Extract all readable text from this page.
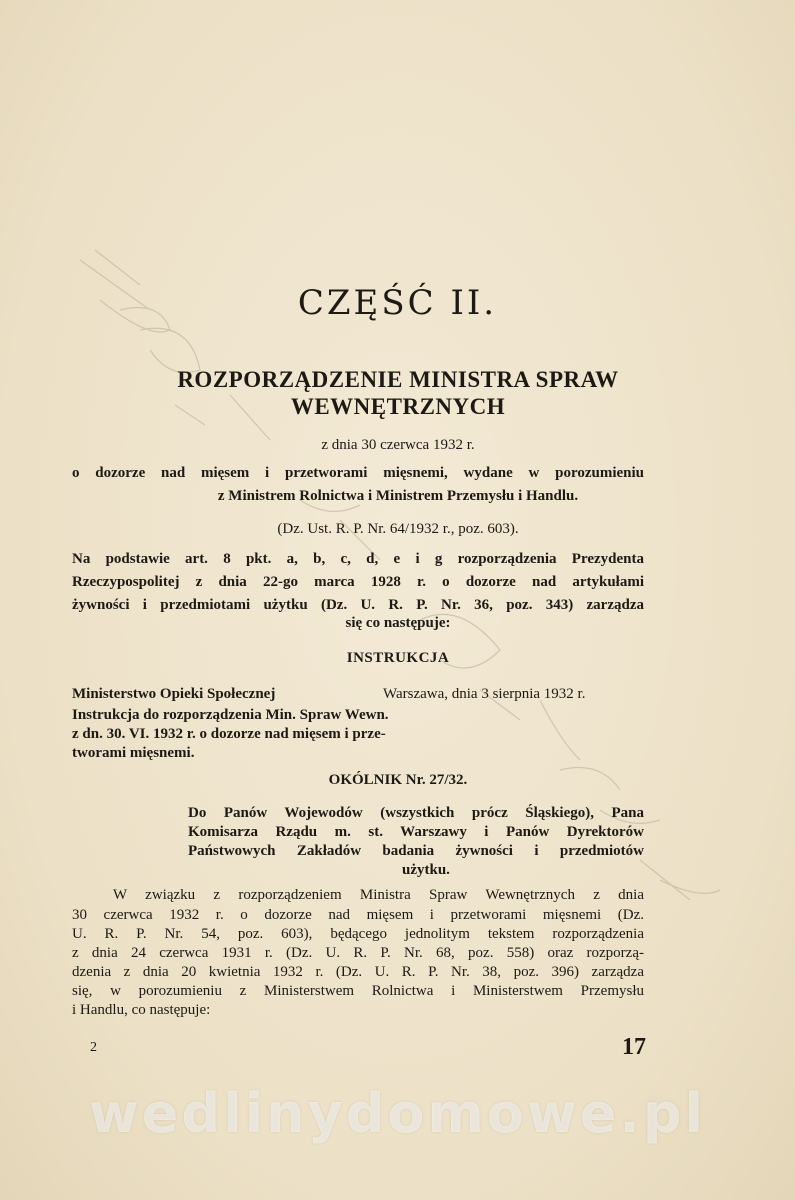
CZĘŚĆ II.
ROZPORZĄDZENIE MINISTRA SPRAW
WEWNĘTRZNYCH
z dnia 30 czerwca 1932 r.
o dozorze nad mięsem i przetworami mięsnemi, wydane w porozumieniu
z Ministrem Rolnictwa i Ministrem Przemysłu i Handlu.
(Dz. Ust. R. P. Nr. 64/1932 r., poz. 603).
Na podstawie art. 8 pkt. a, b, c, d, e i g rozporządzenia Prezydenta
Rzeczypospolitej z dnia 22-go marca 1928 r. o dozorze nad artykułami
żywności i przedmiotami użytku (Dz. U. R. P. Nr. 36, poz. 343) zarządza
się co następuje:
INSTRUKCJA
Ministerstwo Opieki Społecznej	Warszawa, dnia 3 sierpnia 1932 r.
Instrukcja do rozporządzenia Min. Spraw Wewn.
z dn. 30. VI. 1932 r. o dozorze nad mięsem i prze-
tworami mięsnemi.
OKÓLNIK Nr. 27/32.
Do Panów Wojewodów (wszystkich prócz Śląskiego), Pana
Komisarza Rządu m. st. Warszawy i Panów Dyrektorów
Państwowych Zakładów badania żywności i przedmiotów
użytku.
W związku z rozporządzeniem Ministra Spraw Wewnętrznych z dnia
30 czerwca 1932 r. o dozorze nad mięsem i przetworami mięsnemi (Dz.
U. R. P. Nr. 54, poz. 603), będącego jednolitym tekstem rozporządzenia
z dnia 24 czerwca 1931 r. (Dz. U. R. P. Nr. 68, poz. 558) oraz rozporzą-
dzenia z dnia 20 kwietnia 1932 r. (Dz. U. R. P. Nr. 38, poz. 396) zarządza
się, w porozumieniu z Ministerstwem Rolnictwa i Ministerstwem Przemysłu
i Handlu, co następuje:
2	17
wedlinydomowe.pl
